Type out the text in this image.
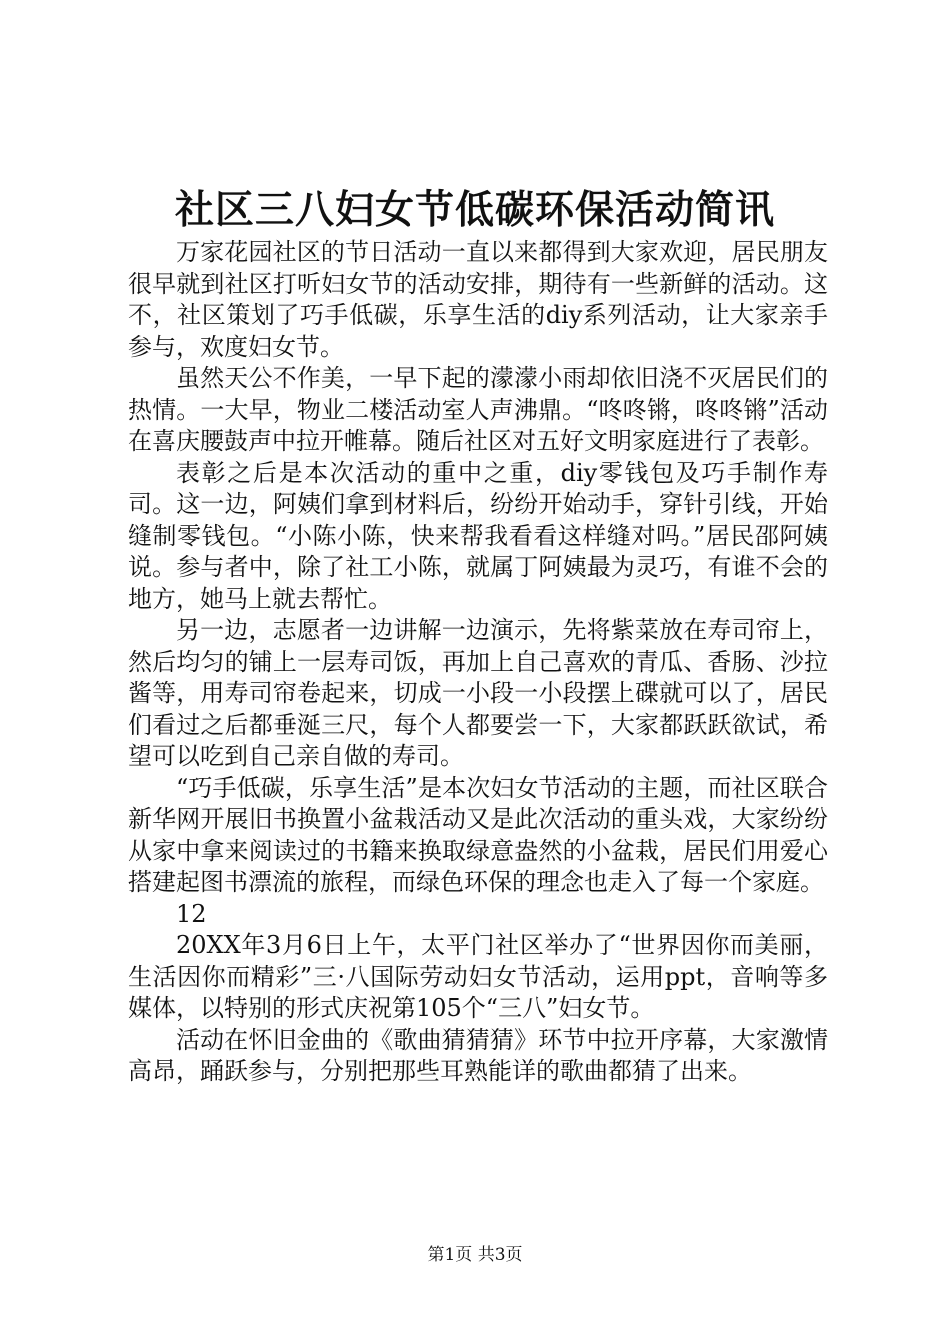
社区三八妇女节低碳环保活动简讯

万家花园社区的节日活动一直以来都得到大家欢迎，居民朋友很早就到社区打听妇女节的活动安排，期待有一些新鲜的活动。这不，社区策划了巧手低碳，乐享生活的diy系列活动，让大家亲手参与，欢度妇女节。

虽然天公不作美，一早下起的濛濛小雨却依旧浇不灭居民们的热情。一大早，物业二楼活动室人声沸鼎。“咚咚锵，咚咚锵”活动在喜庆腰鼓声中拉开帷幕。随后社区对五好文明家庭进行了表彰。

表彰之后是本次活动的重中之重，diy零钱包及巧手制作寿司。这一边，阿姨们拿到材料后，纷纷开始动手，穿针引线，开始缝制零钱包。“小陈小陈，快来帮我看看这样缝对吗。”居民邵阿姨说。参与者中，除了社工小陈，就属丁阿姨最为灵巧，有谁不会的地方，她马上就去帮忙。

另一边，志愿者一边讲解一边演示，先将紫菜放在寿司帘上，然后均匀的铺上一层寿司饭，再加上自己喜欢的青瓜、香肠、沙拉酱等，用寿司帘卷起来，切成一小段一小段摆上碟就可以了，居民们看过之后都垂涎三尺，每个人都要尝一下，大家都跃跃欲试，希望可以吃到自己亲自做的寿司。

“巧手低碳，乐享生活”是本次妇女节活动的主题，而社区联合新华网开展旧书换置小盆栽活动又是此次活动的重头戏，大家纷纷从家中拿来阅读过的书籍来换取绿意盎然的小盆栽，居民们用爱心搭建起图书漂流的旅程，而绿色环保的理念也走入了每一个家庭。

12

20XX年3月6日上午，太平门社区举办了“世界因你而美丽，生活因你而精彩”三·八国际劳动妇女节活动，运用ppt，音响等多媒体，以特别的形式庆祝第105个“三八”妇女节。

活动在怀旧金曲的《歌曲猜猜猜》环节中拉开序幕，大家激情高昂，踊跃参与，分别把那些耳熟能详的歌曲都猜了出来。

第1页 共3页
